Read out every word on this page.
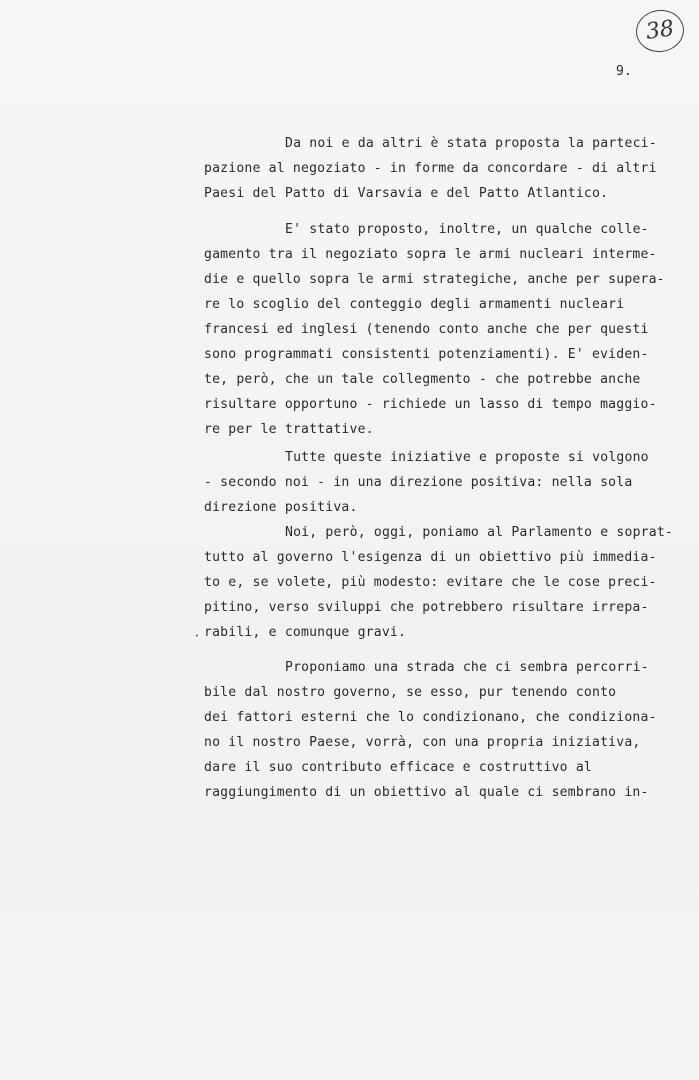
38
9.
Da noi e da altri è stata proposta la parteci-
pazione al negoziato - in forme da concordare - di altri
Paesi del Patto di Varsavia e del Patto Atlantico.
E' stato proposto, inoltre, un qualche colle-
gamento tra il negoziato sopra le armi nucleari interme-
die e quello sopra le armi strategiche, anche per supera-
re lo scoglio del conteggio degli armamenti nucleari
francesi ed inglesi (tenendo conto anche che per questi
sono programmati consistenti potenziamenti). E' eviden-
te, però, che un tale collegmento - che potrebbe anche
risultare opportuno - richiede un lasso di tempo maggio-
re per le trattative.
Tutte queste iniziative e proposte si volgono
- secondo noi - in una direzione positiva: nella sola
direzione positiva.
Noi, però, oggi, poniamo al Parlamento e soprat-
tutto al governo l'esigenza di un obiettivo più immedia-
to e, se volete, più modesto: evitare che le cose preci-
pitino, verso sviluppi che potrebbero risultare irrepa-
rabili, e comunque gravi.
·
Proponiamo una strada che ci sembra percorri-
bile dal nostro governo, se esso, pur tenendo conto
dei fattori esterni che lo condizionano, che condiziona-
no il nostro Paese, vorrà, con una propria iniziativa,
dare il suo contributo efficace e costruttivo al
raggiungimento di un obiettivo al quale ci sembrano in-
